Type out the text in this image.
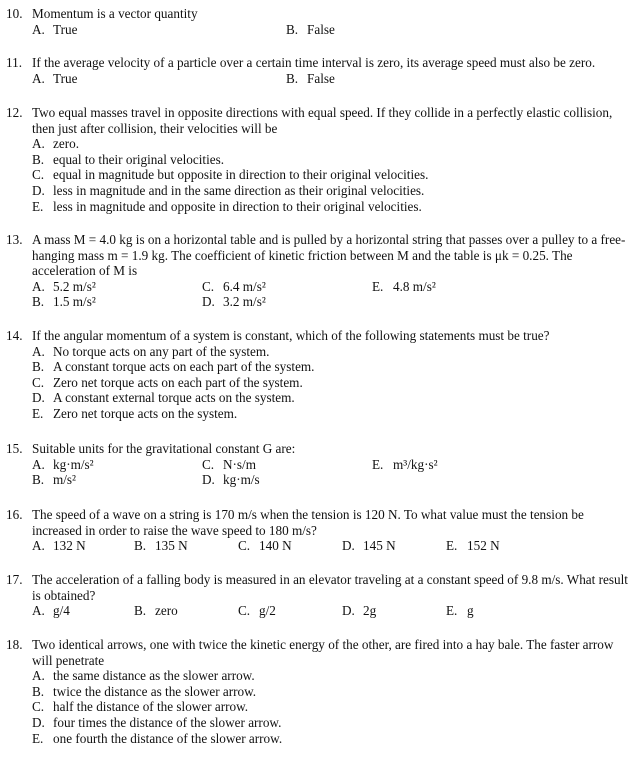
10. Momentum is a vector quantity
A. True	B. False
11. If the average velocity of a particle over a certain time interval is zero, its average speed must also be zero.
A. True	B. False
12. Two equal masses travel in opposite directions with equal speed. If they collide in a perfectly elastic collision, then just after collision, their velocities will be
A. zero.
B. equal to their original velocities.
C. equal in magnitude but opposite in direction to their original velocities.
D. less in magnitude and in the same direction as their original velocities.
E. less in magnitude and opposite in direction to their original velocities.
13. A mass M = 4.0 kg is on a horizontal table and is pulled by a horizontal string that passes over a pulley to a free-hanging mass m = 1.9 kg. The coefficient of kinetic friction between M and the table is μk = 0.25. The acceleration of M is
A. 5.2 m/s²	C. 6.4 m/s²	E. 4.8 m/s²
B. 1.5 m/s²	D. 3.2 m/s²
14. If the angular momentum of a system is constant, which of the following statements must be true?
A. No torque acts on any part of the system.
B. A constant torque acts on each part of the system.
C. Zero net torque acts on each part of the system.
D. A constant external torque acts on the system.
E. Zero net torque acts on the system.
15. Suitable units for the gravitational constant G are:
A. kg·m/s²	C. N·s/m	E. m³/kg·s²
B. m/s²	D. kg·m/s
16. The speed of a wave on a string is 170 m/s when the tension is 120 N. To what value must the tension be increased in order to raise the wave speed to 180 m/s?
A. 132 N	B. 135 N	C. 140 N	D. 145 N	E. 152 N
17. The acceleration of a falling body is measured in an elevator traveling at a constant speed of 9.8 m/s. What result is obtained?
A. g/4	B. zero	C. g/2	D. 2g	E. g
18. Two identical arrows, one with twice the kinetic energy of the other, are fired into a hay bale. The faster arrow will penetrate
A. the same distance as the slower arrow.
B. twice the distance as the slower arrow.
C. half the distance of the slower arrow.
D. four times the distance of the slower arrow.
E. one fourth the distance of the slower arrow.
